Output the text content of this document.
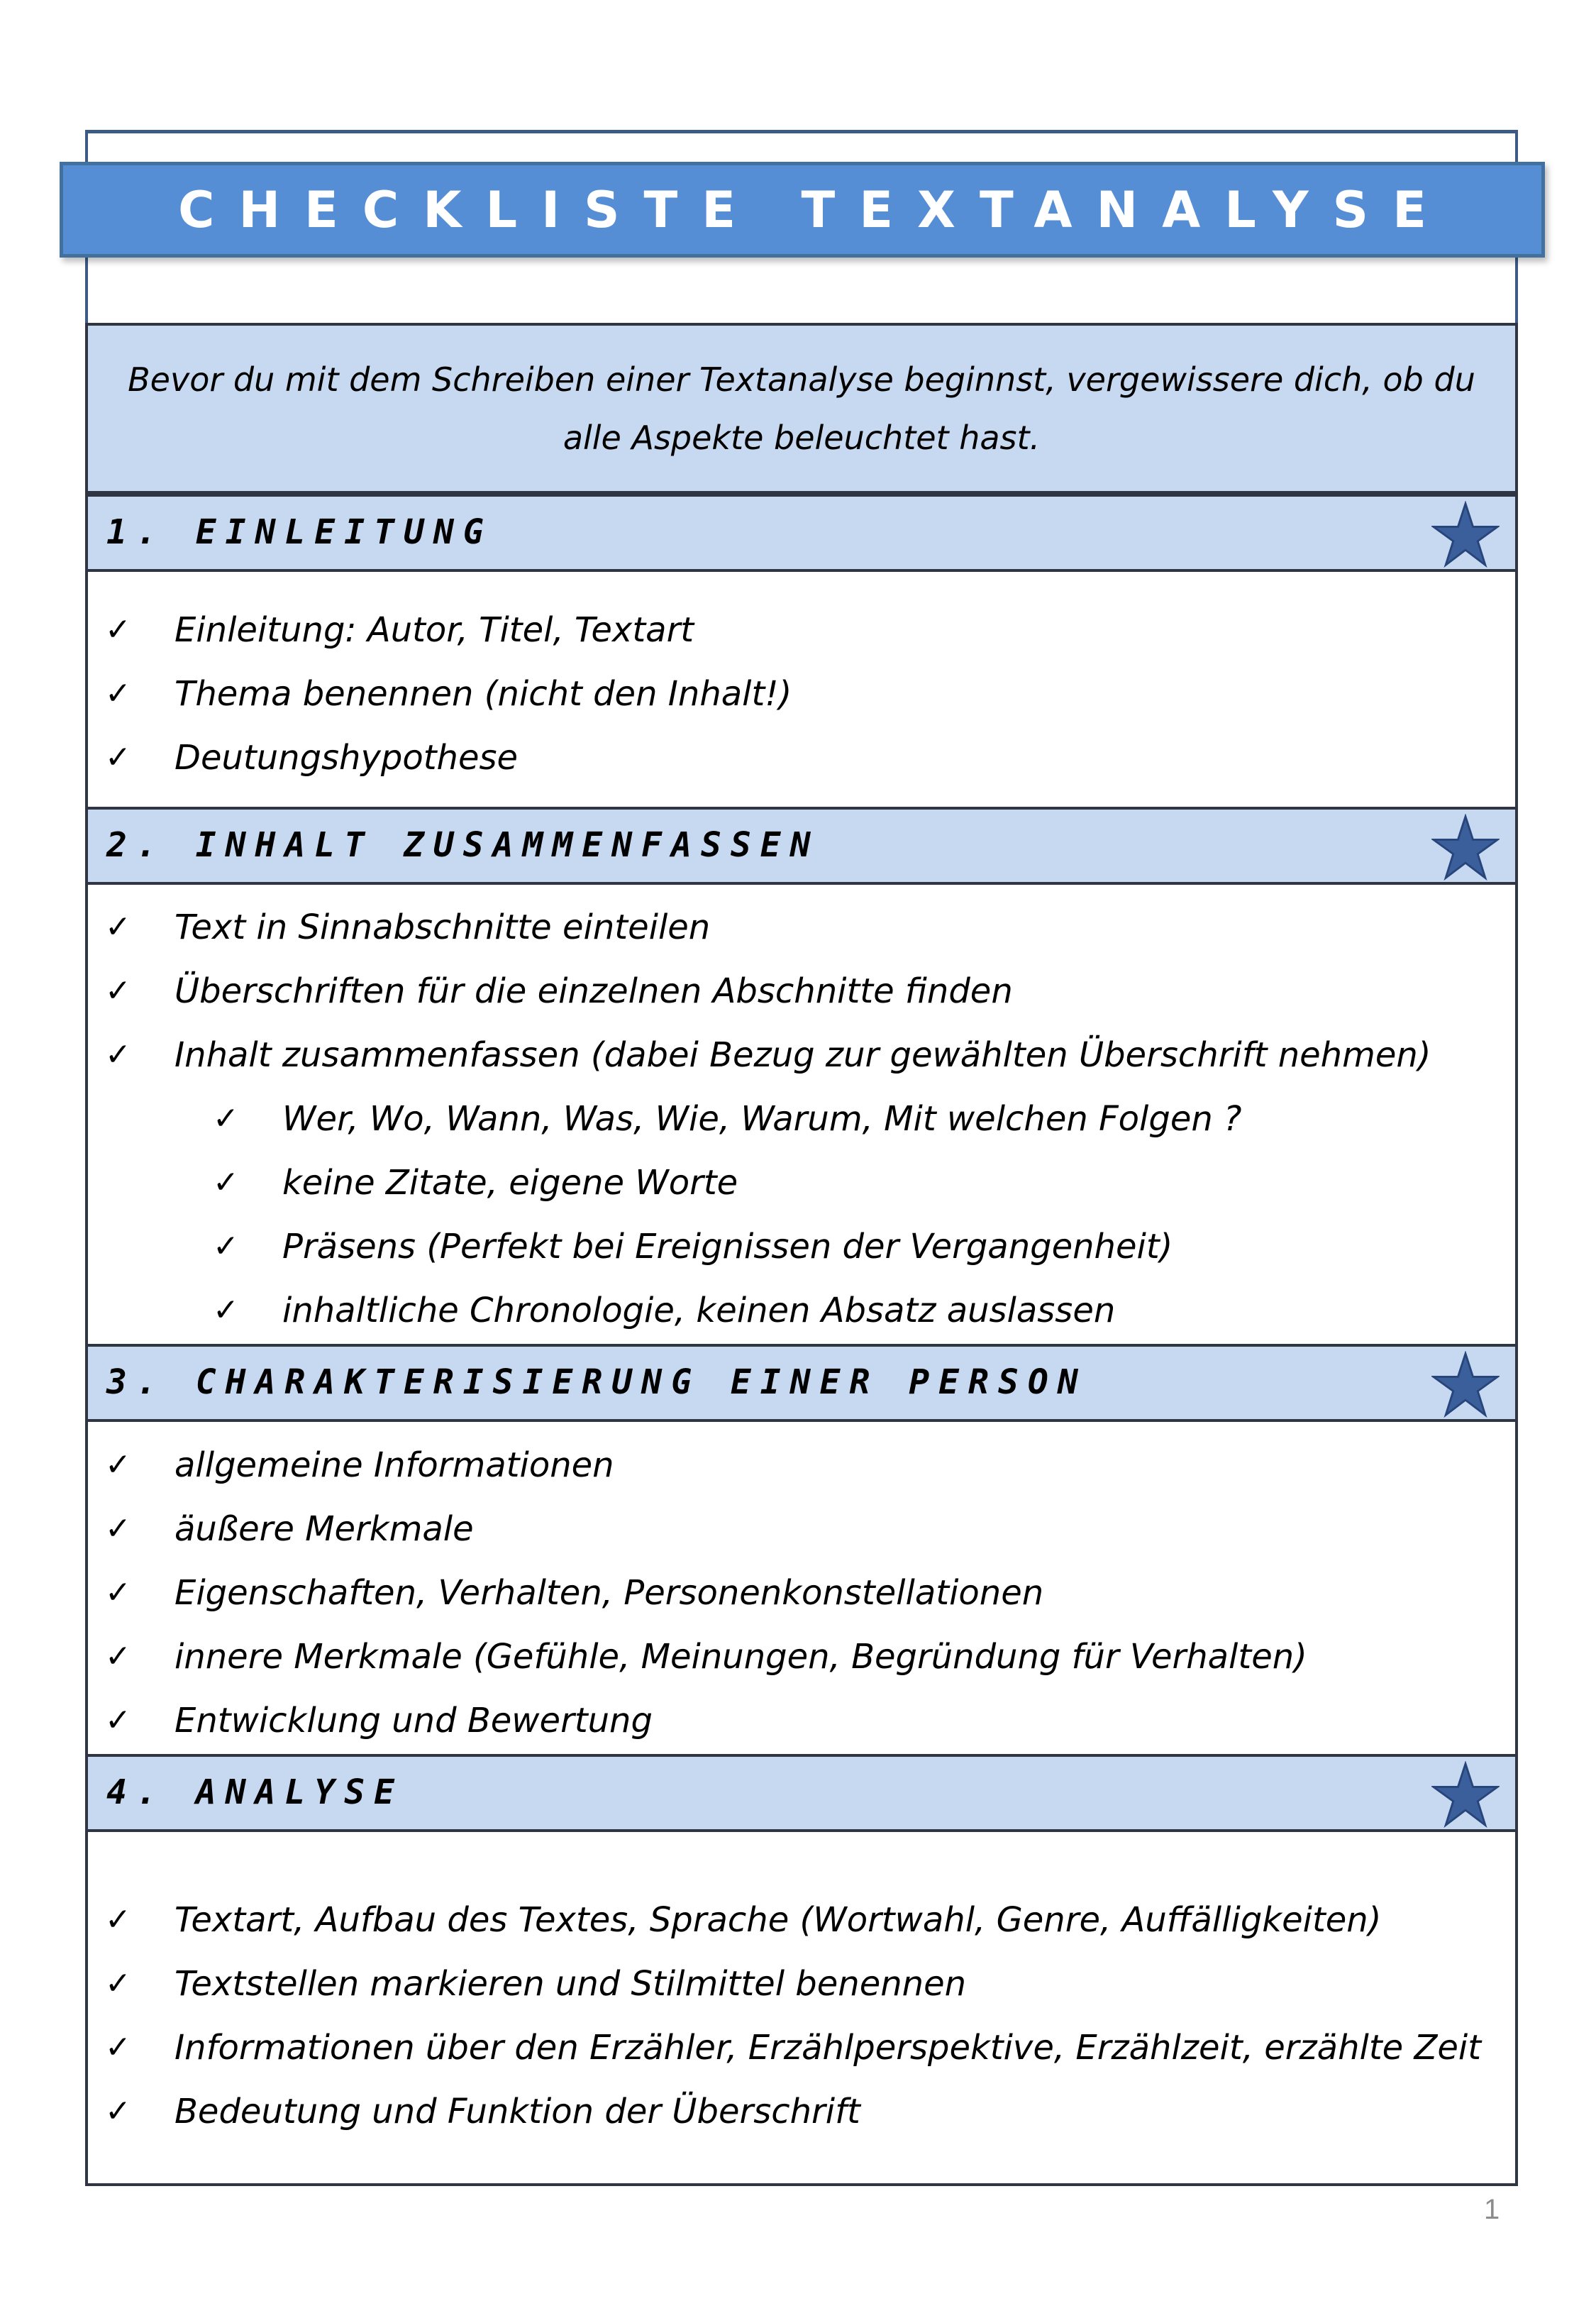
CHECKLISTE TEXTANALYSE
Bevor du mit dem Schreiben einer Textanalyse beginnst, vergewissere dich, ob du alle Aspekte beleuchtet hast.
1. EINLEITUNG
✓ Einleitung: Autor, Titel, Textart
✓ Thema benennen (nicht den Inhalt!)
✓ Deutungshypothese
2. INHALT ZUSAMMENFASSEN
✓ Text in Sinnabschnitte einteilen
✓ Überschriften für die einzelnen Abschnitte finden
✓ Inhalt zusammenfassen (dabei Bezug zur gewählten Überschrift nehmen)
✓ Wer, Wo, Wann, Was, Wie, Warum, Mit welchen Folgen ?
✓ keine Zitate, eigene Worte
✓ Präsens (Perfekt bei Ereignissen der Vergangenheit)
✓ inhaltliche Chronologie, keinen Absatz auslassen
3. CHARAKTERISIERUNG EINER PERSON
✓ allgemeine Informationen
✓ äußere Merkmale
✓ Eigenschaften, Verhalten, Personenkonstellationen
✓ innere Merkmale (Gefühle, Meinungen, Begründung für Verhalten)
✓ Entwicklung und Bewertung
4. ANALYSE
✓ Textart, Aufbau des Textes, Sprache (Wortwahl, Genre, Auffälligkeiten)
✓ Textstellen markieren und Stilmittel benennen
✓ Informationen über den Erzähler, Erzählperspektive, Erzählzeit, erzählte Zeit
✓ Bedeutung und Funktion der Überschrift
1
